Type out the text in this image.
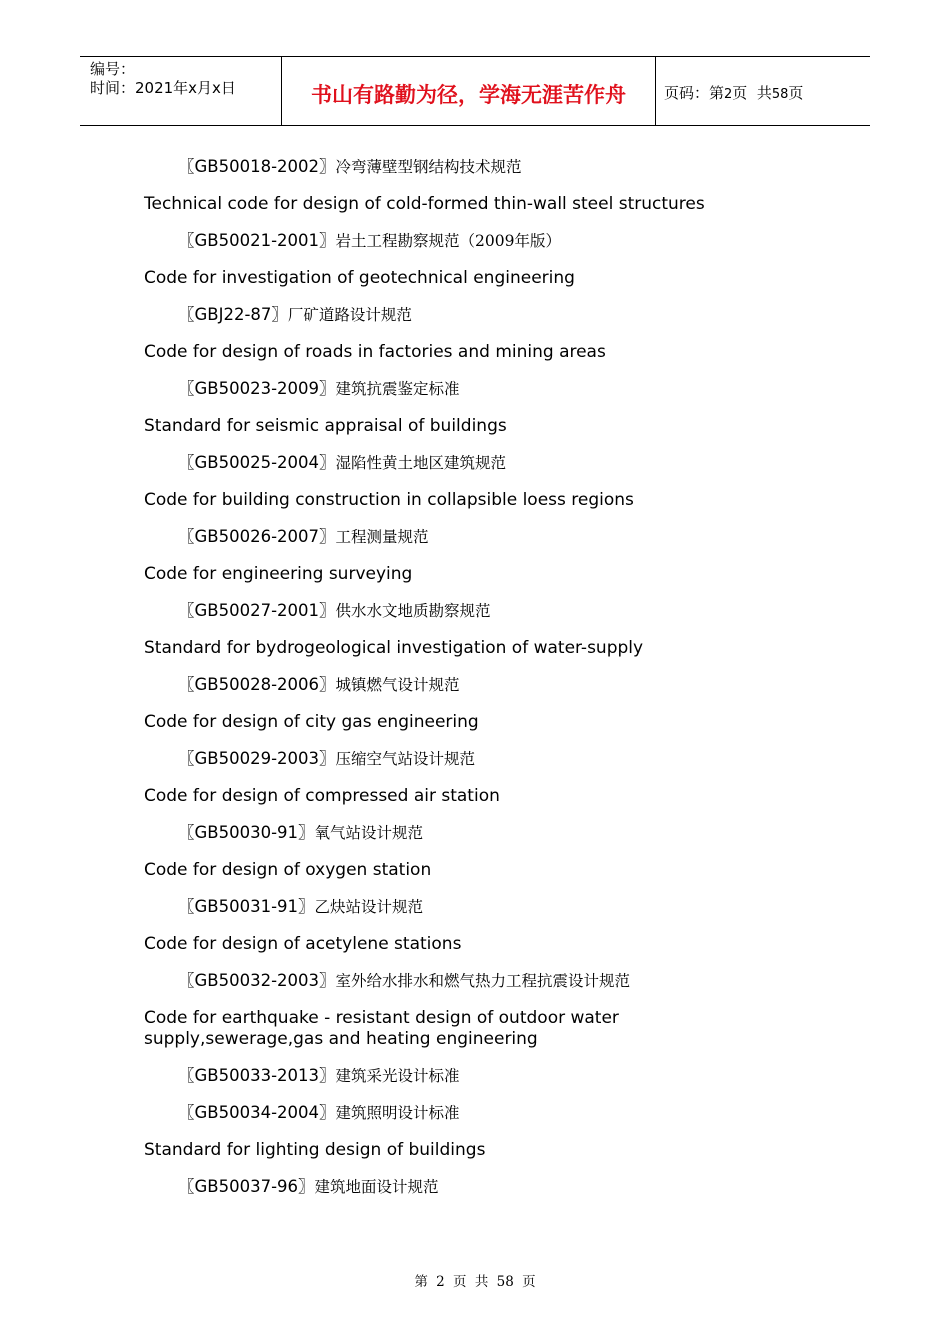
编号：
时间：2021年x月x日	书山有路勤为径，学海无涯苦作舟	页码：第2页  共58页
〖GB50018-2002〗冷弯薄壁型钢结构技术规范
Technical code for design of cold-formed thin-wall steel structures
〖GB50021-2001〗岩土工程勘察规范（2009年版）
Code for investigation of geotechnical engineering
〖GBJ22-87〗厂矿道路设计规范
Code for design of roads in factories and mining areas
〖GB50023-2009〗建筑抗震鉴定标准
Standard for seismic appraisal of buildings
〖GB50025-2004〗湿陷性黄土地区建筑规范
Code for building construction in collapsible loess regions
〖GB50026-2007〗工程测量规范
Code for engineering surveying
〖GB50027-2001〗供水水文地质勘察规范
Standard for bydrogeological investigation of water-supply
〖GB50028-2006〗城镇燃气设计规范
Code for design of city gas engineering
〖GB50029-2003〗压缩空气站设计规范
Code for design of compressed air station
〖GB50030-91〗氧气站设计规范
Code for design of oxygen station
〖GB50031-91〗乙炔站设计规范
Code for design of acetylene stations
〖GB50032-2003〗室外给水排水和燃气热力工程抗震设计规范
Code for earthquake - resistant design of outdoor water
supply,sewerage,gas and heating engineering
〖GB50033-2013〗建筑采光设计标准
〖GB50034-2004〗建筑照明设计标准
Standard for lighting design of buildings
〖GB50037-96〗建筑地面设计规范
第 2 页 共 58 页
